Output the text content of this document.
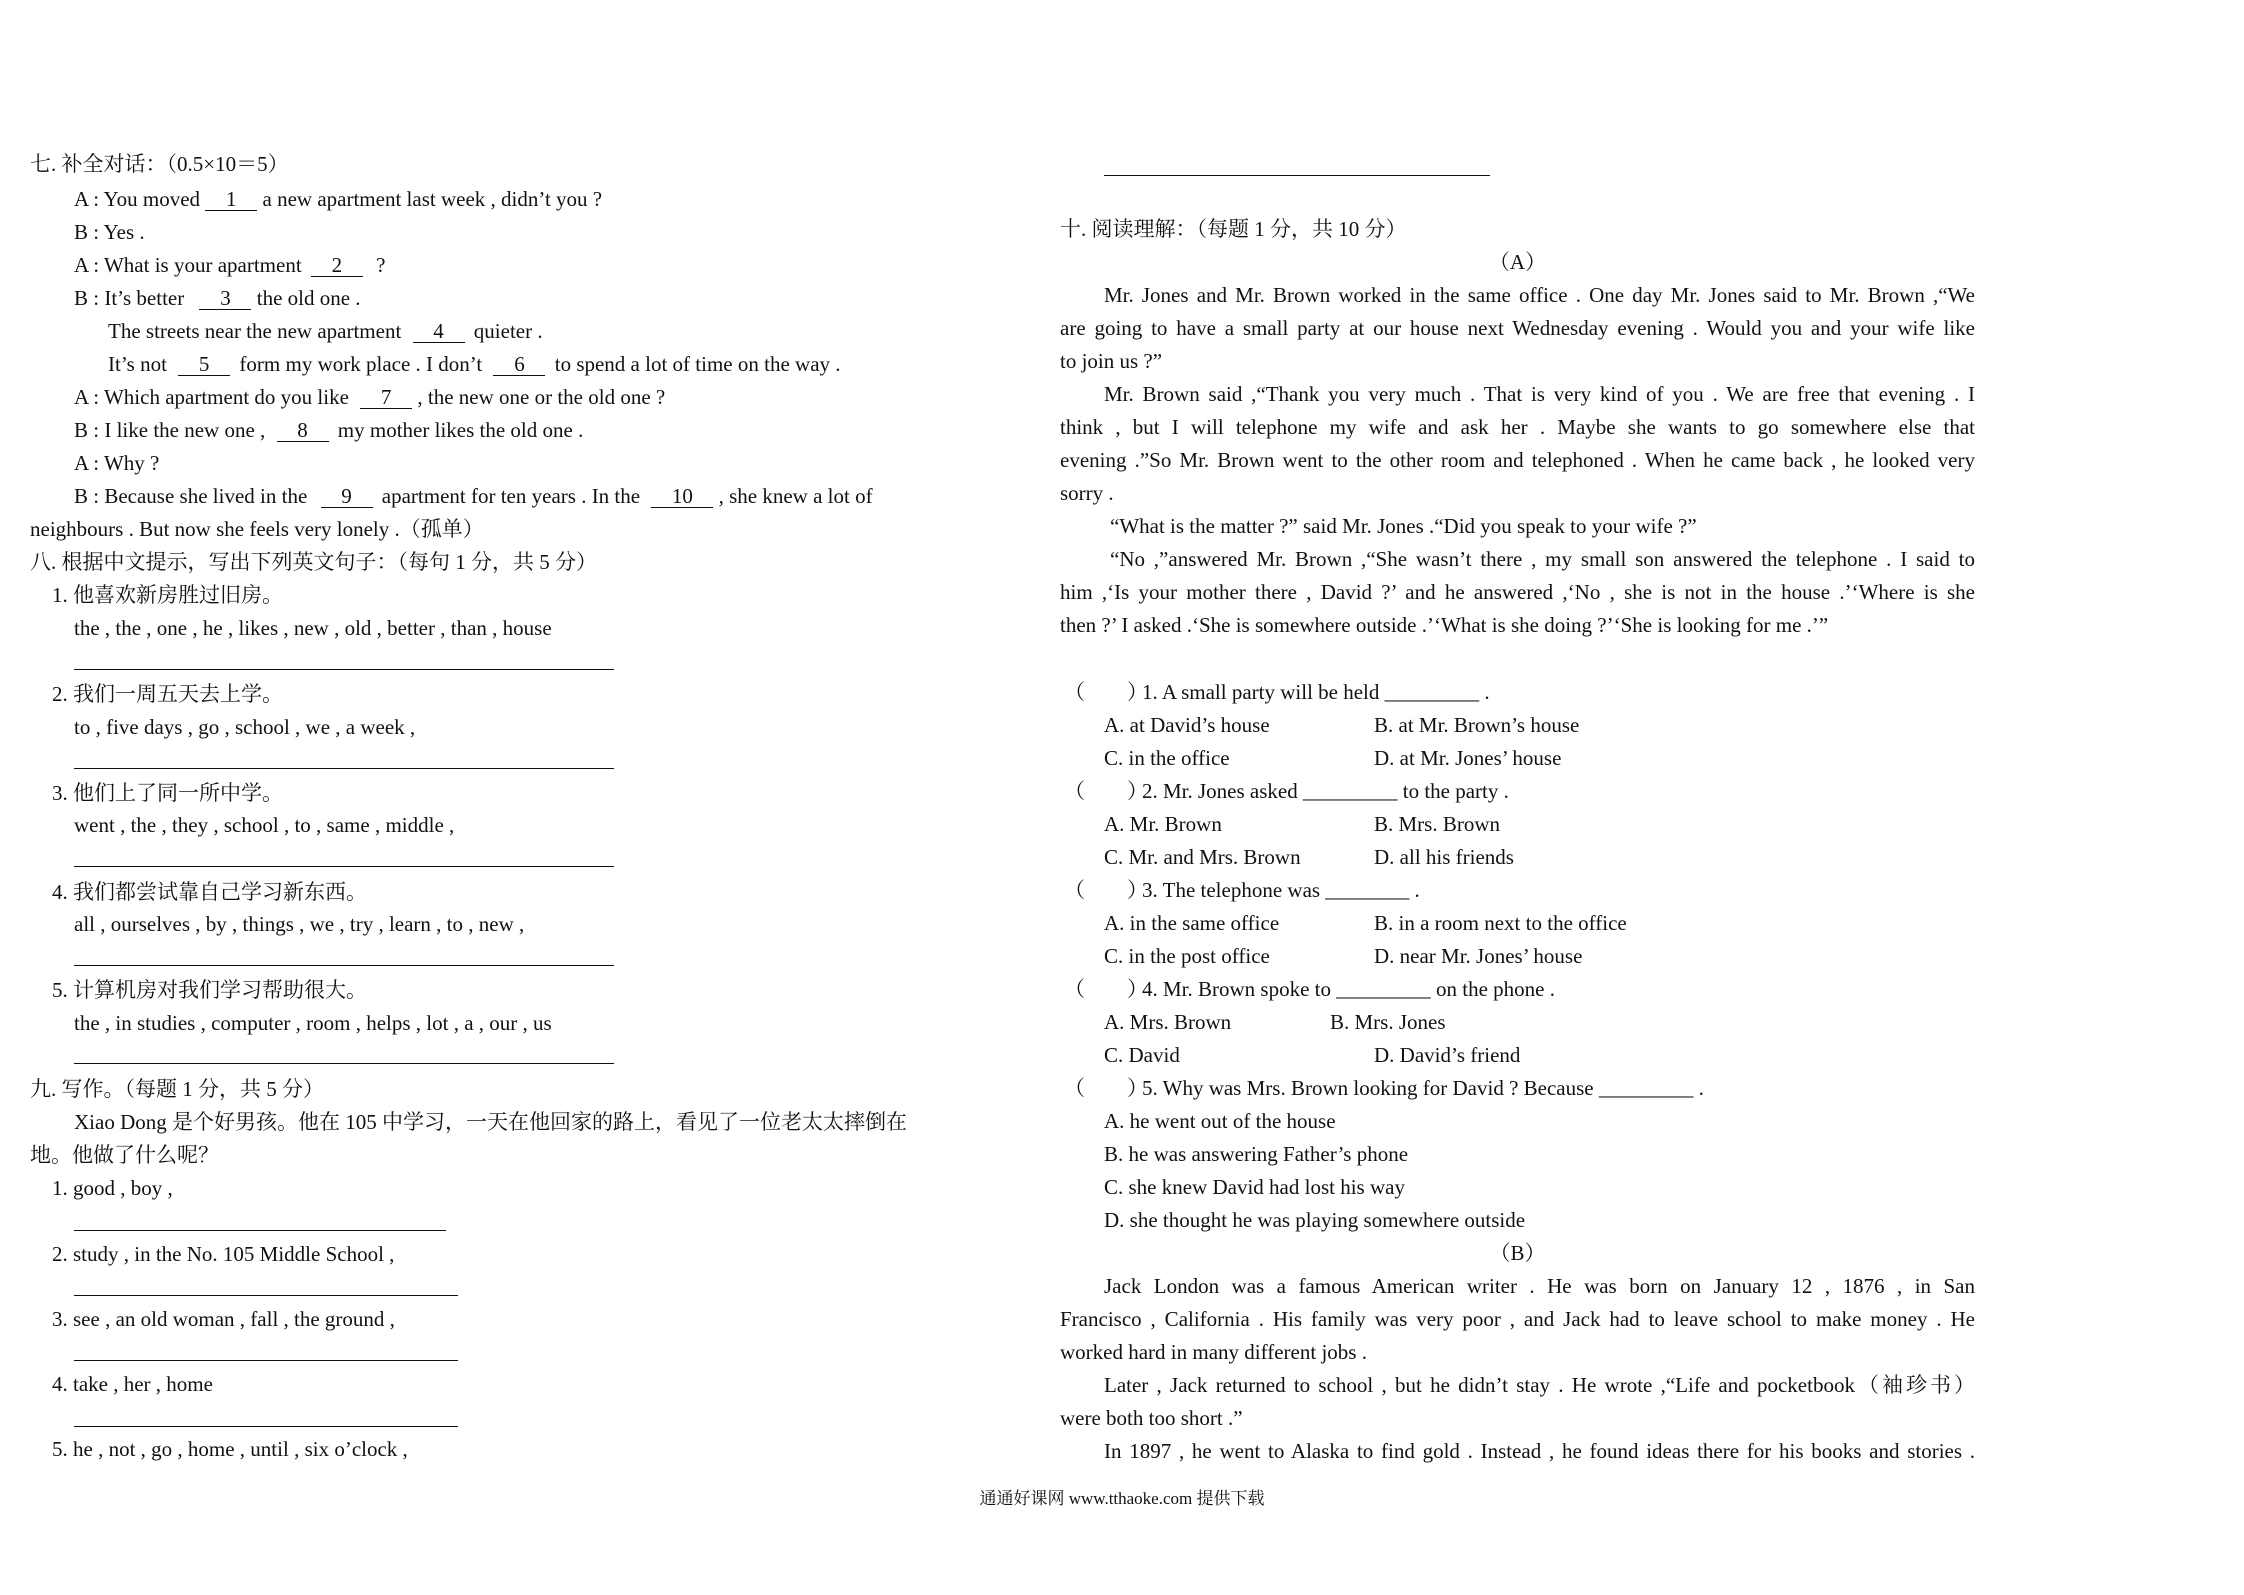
七. 补全对话：（0.5×10＝5）
A : You moved 1 a new apartment last week , didn’t you ?
B : Yes .
A : What is your apartment 2 ?
B : It’s better 3 the old one .
The streets near the new apartment 4 quieter .
It’s not 5 form my work place . I don’t 6 to spend a lot of time on the way .
A : Which apartment do you like 7 , the new one or the old one ?
B : I like the new one , 8 my mother likes the old one .
A : Why ?
B : Because she lived in the 9 apartment for ten years . In the 10 , she knew a lot of
neighbours . But now she feels very lonely .（孤单）
八. 根据中文提示，写出下列英文句子：（每句 1 分，共 5 分）
1. 他喜欢新房胜过旧房。
the , the , one , he , likes , new , old , better , than , house
2. 我们一周五天去上学。
to , five days , go , school , we , a week ,
3. 他们上了同一所中学。
went , the , they , school , to , same , middle ,
4. 我们都尝试靠自己学习新东西。
all , ourselves , by , things , we , try , learn , to , new ,
5. 计算机房对我们学习帮助很大。
the , in studies , computer , room , helps , lot , a , our , us
九. 写作。（每题 1 分，共 5 分）
Xiao Dong 是个好男孩。他在 105 中学习，一天在他回家的路上，看见了一位老太太摔倒在
地。他做了什么呢？
1. good , boy ,
2. study , in the No. 105 Middle School ,
3. see , an old woman , fall , the ground ,
4. take , her , home
5. he , not , go , home , until , six o’clock ,
十. 阅读理解：（每题 1 分，共 10 分）
（A）
Mr. Jones and Mr. Brown worked in the same office . One day Mr. Jones said to Mr. Brown ,“We
are going to have a small party at our house next Wednesday evening . Would you and your wife like
to join us ?”
Mr. Brown said ,“Thank you very much . That is very kind of you . We are free that evening . I
think , but I will telephone my wife and ask her . Maybe she wants to go somewhere else that
evening .”So Mr. Brown went to the other room and telephoned . When he came back , he looked very
sorry .
“What is the matter ?” said Mr. Jones .“Did you speak to your wife ?”
“No ,”answered Mr. Brown ,“She wasn’t there , my small son answered the telephone . I said to
him ,‘Is your mother there , David ?’ and he answered ,‘No , she is not in the house .’‘Where is she
then ?’ I asked .‘She is somewhere outside .’‘What is she doing ?’‘She is looking for me .’”
（　　）
1. A small party will be held _________ .
A. at David’s house	B. at Mr. Brown’s house
C. in the office	D. at Mr. Jones’ house
（　　）
2. Mr. Jones asked _________ to the party .
A. Mr. Brown	B. Mrs. Brown
C. Mr. and Mrs. Brown	D. all his friends
（　　）
3. The telephone was ________ .
A. in the same office	B. in a room next to the office
C. in the post office	D. near Mr. Jones’ house
（　　）
4. Mr. Brown spoke to _________ on the phone .
A. Mrs. Brown	B. Mrs. Jones
C. David	D. David’s friend
（　　）
5. Why was Mrs. Brown looking for David ? Because _________ .
A. he went out of the house
B. he was answering Father’s phone
C. she knew David had lost his way
D. she thought he was playing somewhere outside
（B）
Jack London was a famous American writer . He was born on January 12 , 1876 , in San
Francisco , California . His family was very poor , and Jack had to leave school to make money . He
worked hard in many different jobs .
Later , Jack returned to school , but he didn’t stay . He wrote ,“Life and pocketbook（袖珍书）
were both too short .”
In 1897 , he went to Alaska to find gold . Instead , he found ideas there for his books and stories .
通通好课网 www.tthaoke.com 提供下载
